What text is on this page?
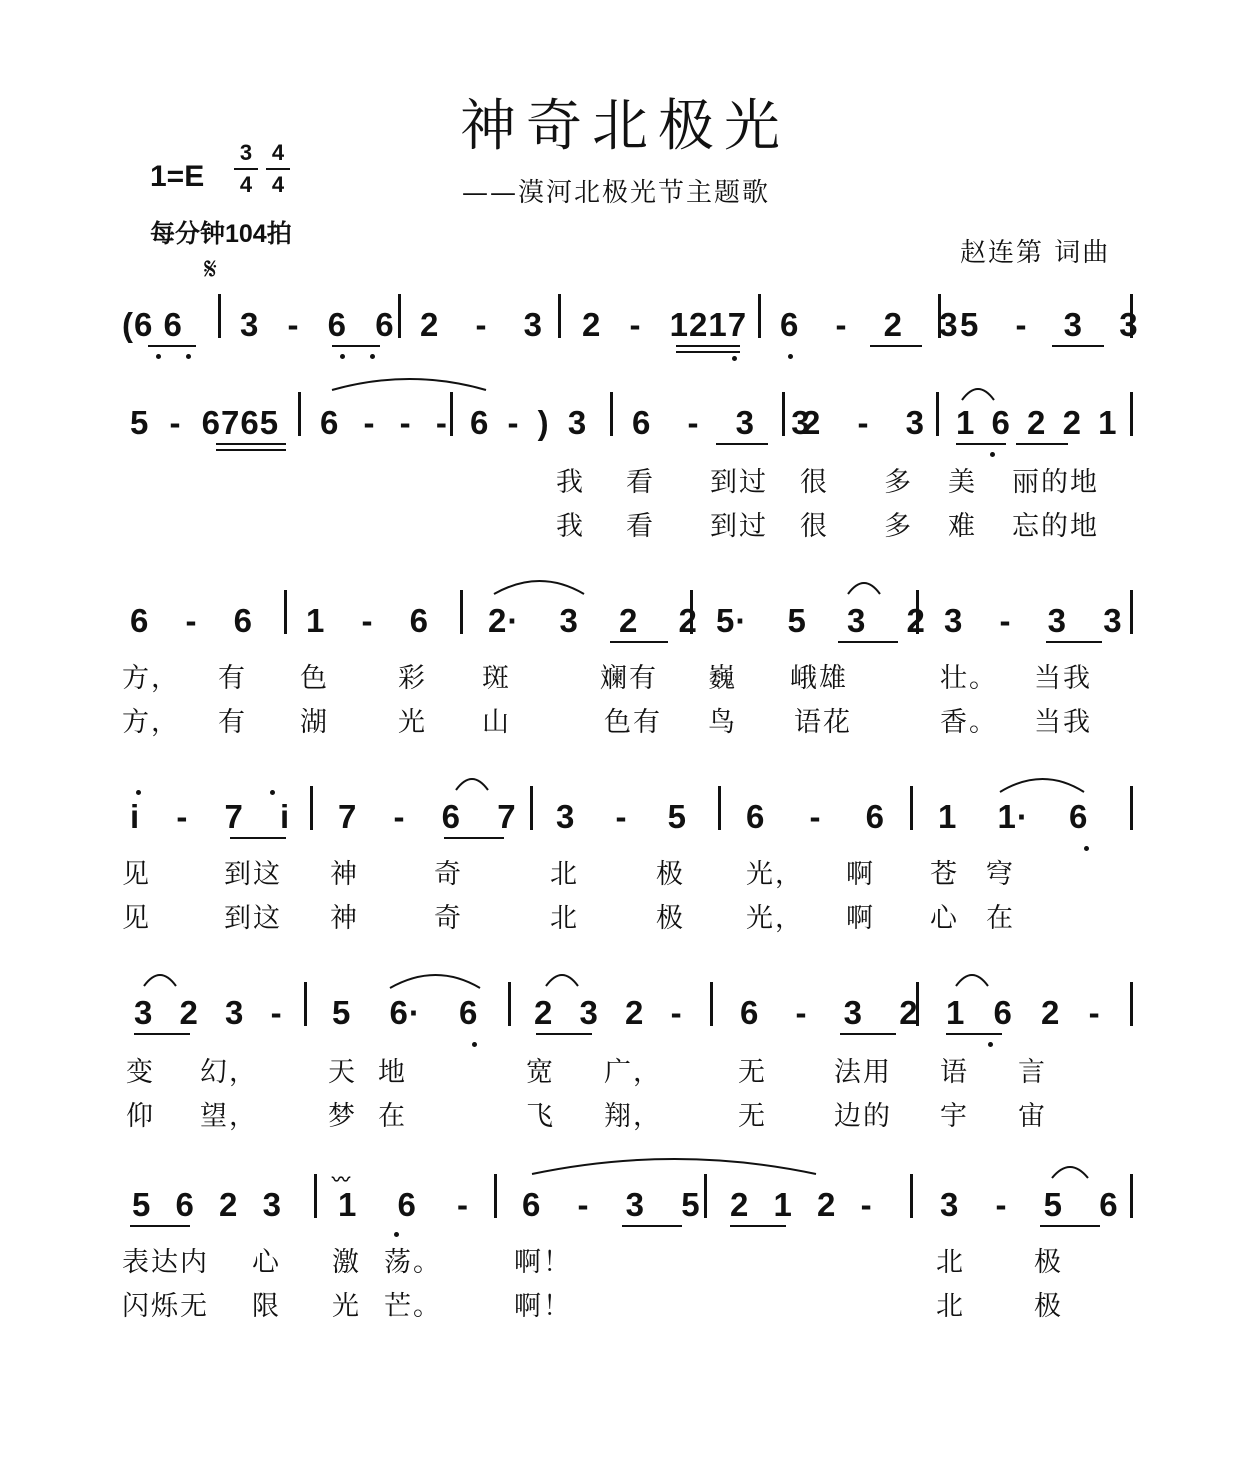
神奇北极光
——漠河北极光节主题歌
1=E
3
4
4
4
每分钟104拍
𝄋	赵连第 词曲
(6 6 3 - 6 6 2 - 3 2 - 1217 6 - 2 3 5 - 3 3
5 - 6765 6 - - - 6 - ) 3 6 - 3 3
2 - 3 1 6 2 2 1
我 看 到过 很 多 美 丽的地
我 看 到过 很 多 难 忘的地
6 - 6 1 - 6 2· 3 2 2 5· 5 3 2 3 - 3 3
方， 有 色	彩 斑	斓有 巍 峨雄	壮。 当我
方， 有 湖	光 山	色有 鸟 语花	香。 当我
i - 7 i 7 - 6 7 3 - 5 6 - 6 1 1· 6
见	到这 神	奇	北	极 光， 啊 苍 穹
见	到这 神	奇	北	极 光， 啊 心 在
3 2 3 - 5 6· 6 2 3 2 - 6 - 3 2 1 6 2 -
变 幻，	天 地	宽 广，	无 法用 语 言
仰 望，	梦 在	飞 翔，	无 边的 宇 宙
5 6 2 3 1 6 - 6 - 3 5 2 1 2 - 3 - 5 6
〰
表达内 心 激 荡。	啊！	北	极
闪烁无 限 光 芒。	啊！	北	极
